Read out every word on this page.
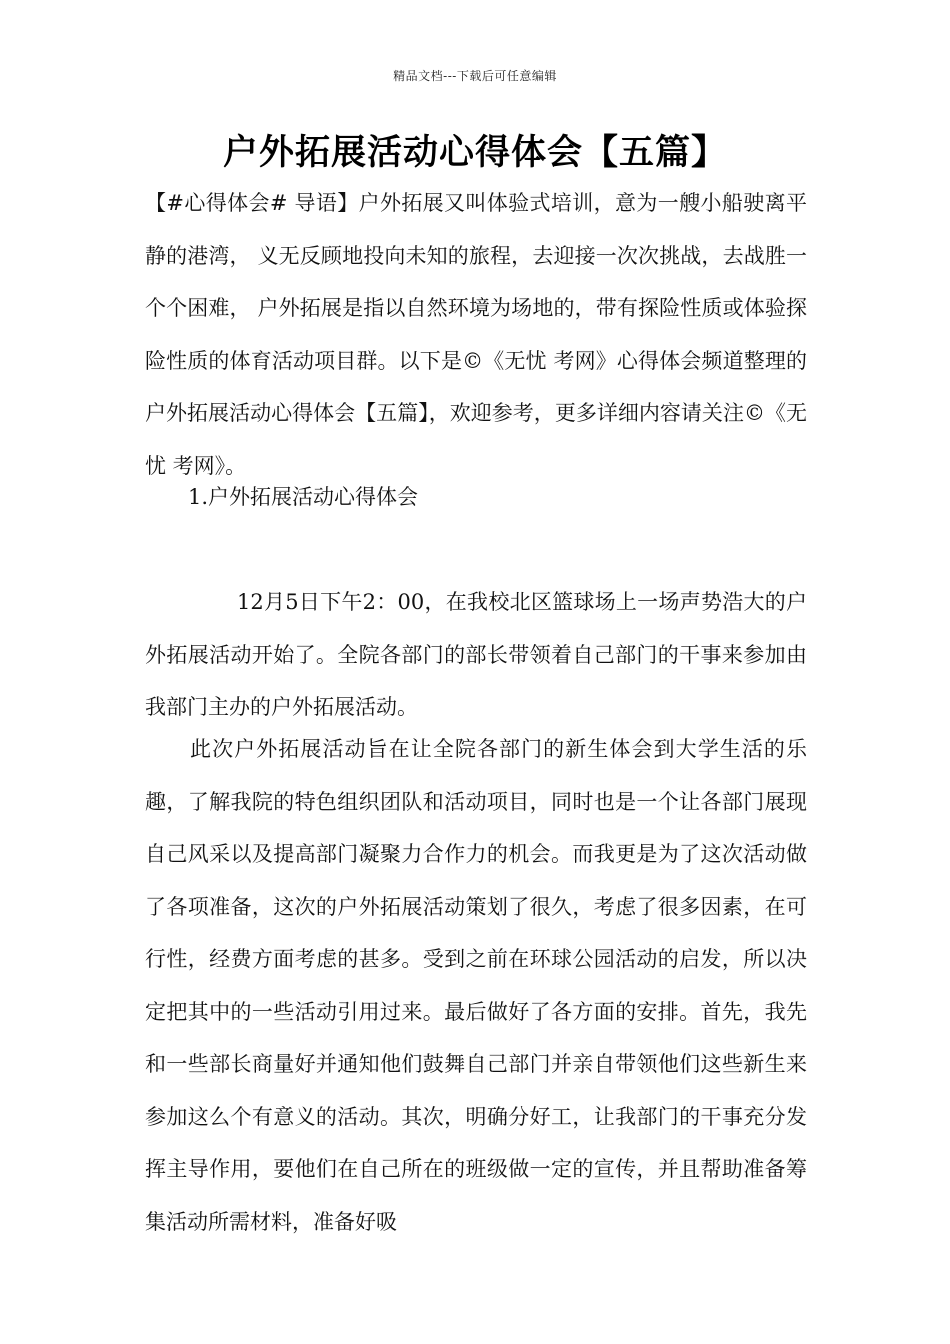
精品文档---下载后可任意编辑
户外拓展活动心得体会【五篇】
【#心得体会# 导语】户外拓展又叫体验式培训，意为一艘小船驶离平静的港湾， 义无反顾地投向未知的旅程，去迎接一次次挑战，去战胜一个个困难， 户外拓展是指以自然环境为场地的，带有探险性质或体验探险性质的体育活动项目群。以下是©《无忧 考网》心得体会频道整理的户外拓展活动心得体会【五篇】，欢迎参考，更多详细内容请关注©《无忧 考网》。
1.户外拓展活动心得体会
12月5日下午2：00，在我校北区篮球场上一场声势浩大的户外拓展活动开始了。全院各部门的部长带领着自己部门的干事来参加由我部门主办的户外拓展活动。
此次户外拓展活动旨在让全院各部门的新生体会到大学生活的乐趣，了解我院的特色组织团队和活动项目，同时也是一个让各部门展现自己风采以及提高部门凝聚力合作力的机会。而我更是为了这次活动做了各项准备，这次的户外拓展活动策划了很久，考虑了很多因素，在可行性，经费方面考虑的甚多。受到之前在环球公园活动的启发，所以决定把其中的一些活动引用过来。最后做好了各方面的安排。首先，我先和一些部长商量好并通知他们鼓舞自己部门并亲自带领他们这些新生来参加这么个有意义的活动。其次，明确分好工，让我部门的干事充分发挥主导作用，要他们在自己所在的班级做一定的宣传，并且帮助准备筹集活动所需材料，准备好吸
